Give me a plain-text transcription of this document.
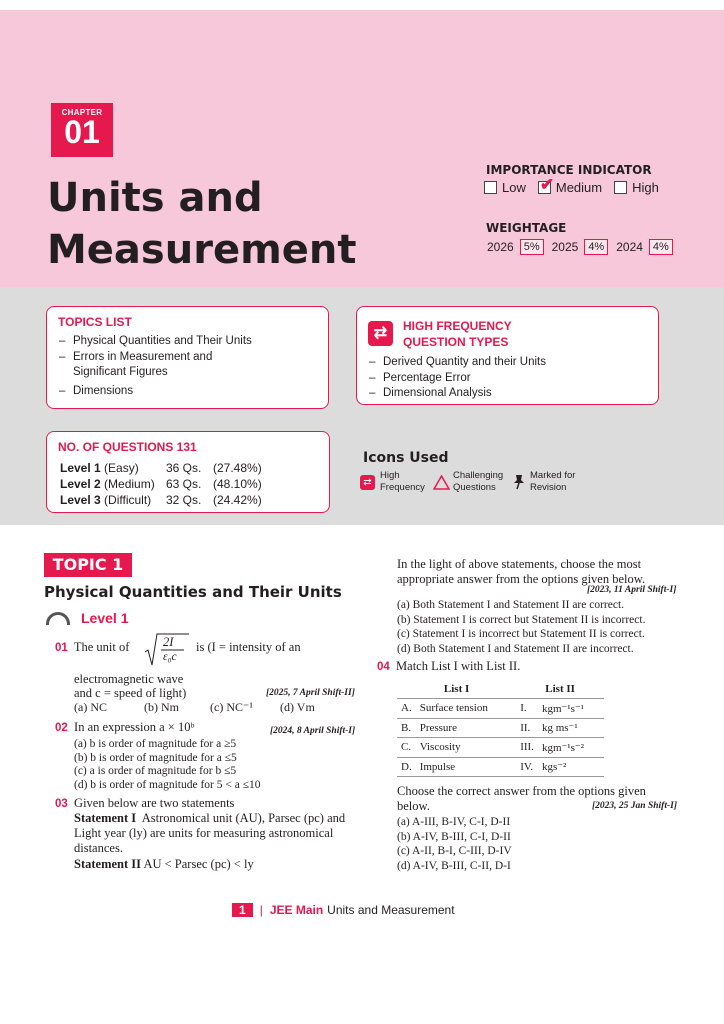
CHAPTER
01
Units and
Measurement
IMPORTANCE INDICATOR
Low ✔ Medium High
WEIGHTAGE
2026 5%	2025 4%	2024 4%
TOPICS LIST
– Physical Quantities and Their Units
– Errors in Measurement and
Significant Figures
– Dimensions
⇄	HIGH FREQUENCY
QUESTION TYPES
– Derived Quantity and their Units
– Percentage Error
– Dimensional Analysis
NO. OF QUESTIONS 131
Level 1 (Easy)	36 Qs. (27.48%)
Level 2 (Medium) 63 Qs. (48.10%)
Level 3 (Difficult)	32 Qs. (24.42%)
Icons Used
⇄
High
Frequency
Challenging
Questions
Marked for
Revision
TOPIC 1
Physical Quantities and Their Units
Level 1
01 The unit of	2I
ε₀c
is (I = intensity of an
electromagnetic wave
and c = speed of light)	[2025, 7 April Shift-II]
(a) NC	(b) Nm	(c) NC⁻¹ (d) Vm
02 In an expression a × 10ᵇ	[2024, 8 April Shift-I]
(a) b is order of magnitude for a ≥5
(b) b is order of magnitude for a ≤5
(c) a is order of magnitude for b ≤5
(d) b is order of magnitude for 5 < a ≤10
03 Given below are two statements
Statement I Astronomical unit (AU), Parsec (pc) and
Light year (ly) are units for measuring astronomical
distances.
Statement II AU < Parsec (pc) < ly
In the light of above statements, choose the most
appropriate answer from the options given below.
[2023, 11 April Shift-I]
(a) Both Statement I and Statement II are correct.
(b) Statement I is correct but Statement II is incorrect.
(c) Statement I is incorrect but Statement II is correct.
(d) Both Statement I and Statement II are incorrect.
04 Match List I with List II.
List I		List II	
A.	Surface tension	I.	kgm⁻¹s⁻¹
B.	Pressure	II.	kg ms⁻¹
C.	Viscosity	III.	kgm⁻¹s⁻²
D.	Impulse	IV.	kgs⁻²
Choose the correct answer from the options given
below.	[2023, 25 Jan Shift-I]
(a) A-III, B-IV, C-I, D-II
(b) A-IV, B-III, C-I, D-II
(c) A-II, B-I, C-III, D-IV
(d) A-IV, B-III, C-II, D-I
1	| JEE Main Units and Measurement
